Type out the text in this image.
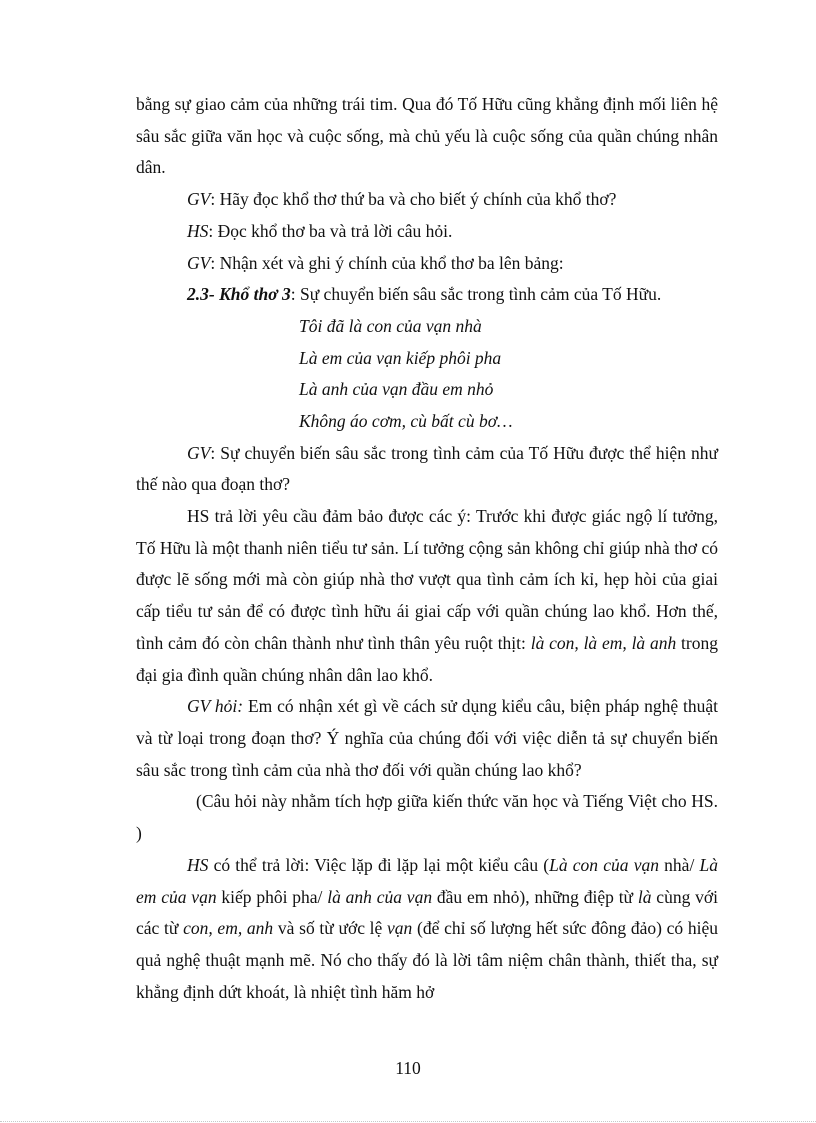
bằng sự giao cảm của những trái tim. Qua đó Tố Hữu cũng khẳng định mối liên hệ sâu sắc giữa văn học và cuộc sống, mà chủ yếu là cuộc sống của quần chúng nhân dân.

GV: Hãy đọc khổ thơ thứ ba và cho biết ý chính của khổ thơ?

HS: Đọc khổ thơ ba và trả lời câu hỏi.

GV: Nhận xét và ghi ý chính của khổ thơ ba lên bảng:

2.3- Khổ thơ 3: Sự chuyển biến sâu sắc trong tình cảm của Tố Hữu.

Tôi đã là con của vạn nhà
Là em của vạn kiếp phôi pha
Là anh của vạn đầu em nhỏ
Không áo cơm, cù bất cù bơ…

GV: Sự chuyển biến sâu sắc trong tình cảm của Tố Hữu được thể hiện như thế nào qua đoạn thơ?

HS trả lời yêu cầu đảm bảo được các ý: Trước khi được giác ngộ lí tưởng, Tố Hữu là một thanh niên tiểu tư sản. Lí tưởng cộng sản không chỉ giúp nhà thơ có được lẽ sống mới mà còn giúp nhà thơ vượt qua tình cảm ích kỉ, hẹp hòi của giai cấp tiểu tư sản để có được tình hữu ái giai cấp với quần chúng lao khổ. Hơn thế, tình cảm đó còn chân thành như tình thân yêu ruột thịt: là con, là em, là anh trong đại gia đình quần chúng nhân dân lao khổ.

GV hỏi: Em có nhận xét gì về cách sử dụng kiểu câu, biện pháp nghệ thuật và từ loại trong đoạn thơ? Ý nghĩa của chúng đối với việc diễn tả sự chuyển biến sâu sắc trong tình cảm của nhà thơ đối với quần chúng lao khổ?

(Câu hỏi này nhằm tích hợp giữa kiến thức văn học và Tiếng Việt cho HS. )

HS có thể trả lời: Việc lặp đi lặp lại một kiểu câu (Là con của vạn nhà/ Là em của vạn kiếp phôi pha/ là anh của vạn đầu em nhỏ), những điệp từ là cùng với các từ con, em, anh và số từ ước lệ vạn (để chỉ số lượng hết sức đông đảo) có hiệu quả nghệ thuật mạnh mẽ. Nó cho thấy đó là lời tâm niệm chân thành, thiết tha, sự khẳng định dứt khoát, là nhiệt tình hăm hở

110
